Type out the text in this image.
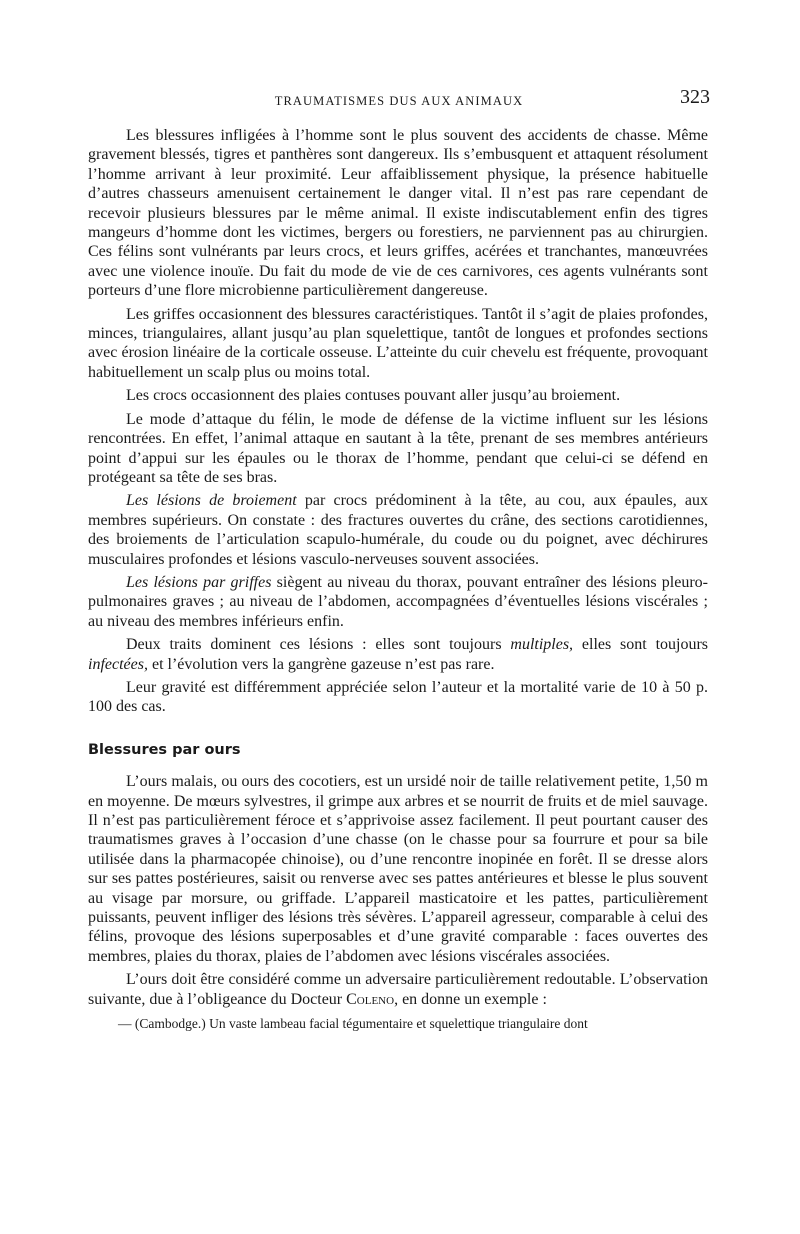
TRAUMATISMES DUS AUX ANIMAUX	323

Les blessures infligées à l’homme sont le plus souvent des accidents de chasse. Même gravement blessés, tigres et panthères sont dangereux. Ils s’embusquent et attaquent résolument l’homme arrivant à leur proximité. Leur affaiblissement physique, la présence habituelle d’autres chasseurs amenuisent certainement le danger vital. Il n’est pas rare cependant de recevoir plusieurs blessures par le même animal. Il existe indiscutablement enfin des tigres mangeurs d’homme dont les victimes, bergers ou forestiers, ne parviennent pas au chirurgien. Ces félins sont vulnérants par leurs crocs, et leurs griffes, acérées et tranchantes, manœuvrées avec une violence inouïe. Du fait du mode de vie de ces carnivores, ces agents vulnérants sont porteurs d’une flore microbienne particulièrement dangereuse.

Les griffes occasionnent des blessures caractéristiques. Tantôt il s’agit de plaies profondes, minces, triangulaires, allant jusqu’au plan squelettique, tantôt de longues et profondes sections avec érosion linéaire de la corticale osseuse. L’atteinte du cuir chevelu est fréquente, provoquant habituellement un scalp plus ou moins total.

Les crocs occasionnent des plaies contuses pouvant aller jusqu’au broiement.

Le mode d’attaque du félin, le mode de défense de la victime influent sur les lésions rencontrées. En effet, l’animal attaque en sautant à la tête, prenant de ses membres antérieurs point d’appui sur les épaules ou le thorax de l’homme, pendant que celui-ci se défend en protégeant sa tête de ses bras.

Les lésions de broiement par crocs prédominent à la tête, au cou, aux épaules, aux membres supérieurs. On constate : des fractures ouvertes du crâne, des sections carotidiennes, des broiements de l’articulation scapulo-humérale, du coude ou du poignet, avec déchirures musculaires profondes et lésions vasculo-nerveuses souvent associées.

Les lésions par griffes siègent au niveau du thorax, pouvant entraîner des lésions pleuro-pulmonaires graves ; au niveau de l’abdomen, accompagnées d’éventuelles lésions viscérales ; au niveau des membres inférieurs enfin.

Deux traits dominent ces lésions : elles sont toujours multiples, elles sont toujours infectées, et l’évolution vers la gangrène gazeuse n’est pas rare.

Leur gravité est différemment appréciée selon l’auteur et la mortalité varie de 10 à 50 p. 100 des cas.

Blessures par ours

L’ours malais, ou ours des cocotiers, est un ursidé noir de taille relativement petite, 1,50 m en moyenne. De mœurs sylvestres, il grimpe aux arbres et se nourrit de fruits et de miel sauvage. Il n’est pas particulièrement féroce et s’apprivoise assez facilement. Il peut pourtant causer des traumatismes graves à l’occasion d’une chasse (on le chasse pour sa fourrure et pour sa bile utilisée dans la pharmacopée chinoise), ou d’une rencontre inopinée en forêt. Il se dresse alors sur ses pattes postérieures, saisit ou renverse avec ses pattes antérieures et blesse le plus souvent au visage par morsure, ou griffade. L’appareil masticatoire et les pattes, particulièrement puissants, peuvent infliger des lésions très sévères. L’appareil agresseur, comparable à celui des félins, provoque des lésions superposables et d’une gravité comparable : faces ouvertes des membres, plaies du thorax, plaies de l’abdomen avec lésions viscérales associées.

L’ours doit être considéré comme un adversaire particulièrement redoutable. L’observation suivante, due à l’obligeance du Docteur Coleno, en donne un exemple :

— (Cambodge.) Un vaste lambeau facial tégumentaire et squelettique triangulaire dont
